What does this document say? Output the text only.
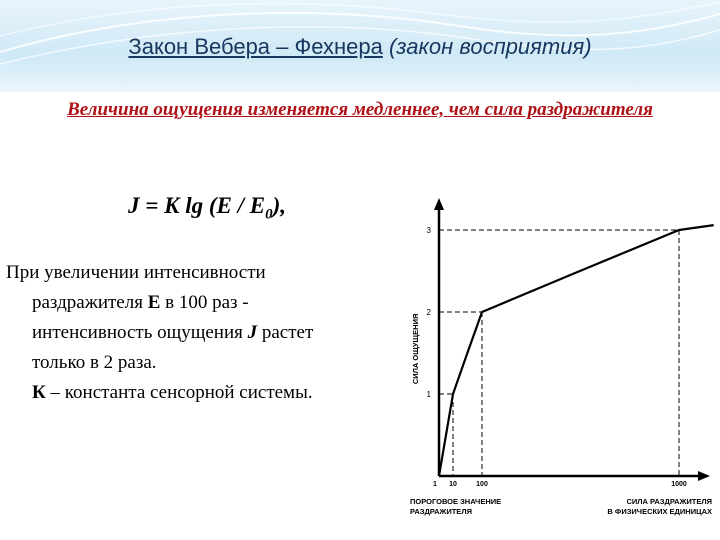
Закон Вебера – Фехнера (закон восприятия)
Величина ощущения изменяется медленнее, чем сила раздражителя
J = K $\lg (E / E_0)$,
При увеличении интенсивности
раздражителя Е в 100 раз -
интенсивность ощущения J растет
только в 2 раза.
К – константа сенсорной системы.	1
2
3
1 10	100	1000
СИЛА ОЩУЩЕНИЯ
ПОРОГОВОЕ ЗНАЧЕНИЕ
РАЗДРАЖИТЕЛЯ
СИЛА РАЗДРАЖИТЕЛЯ
В ФИЗИЧЕСКИХ ЕДИНИЦАХ
